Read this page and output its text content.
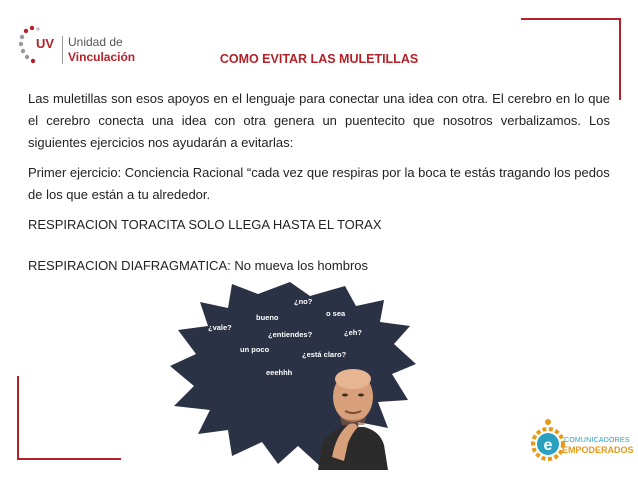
UV Unidad de
Vinculación	COMO EVITAR LAS MULETILLAS
Las muletillas son esos apoyos en el lenguaje para conectar una idea con otra. El cerebro en lo que el cerebro conecta una idea con otra genera un puentecito que nosotros verbalizamos. Los siguientes ejercicios nos ayudarán a evitarlas:
Primer ejercicio: Conciencia Racional “cada vez que respiras por la boca te estás tragando los pedos de los que están a tu alrededor.
RESPIRACION TORACITA SOLO LLEGA HASTA EL TORAX
RESPIRACION DIAFRAGMATICA: No mueva los hombros
¿no?
bueno	o sea
¿vale?
¿entiendes?	¿eh?
un poco
¿está claro?
eeehhh
e COMUNICADORES
EMPODERADOS
